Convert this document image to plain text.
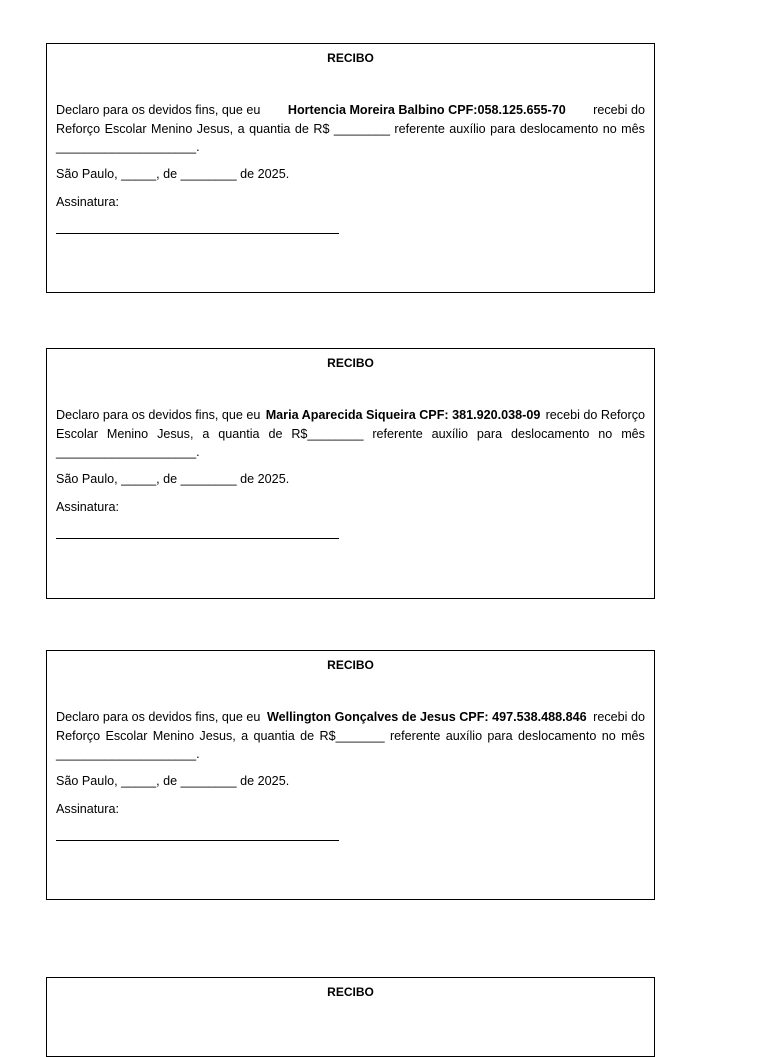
RECIBO
Declaro para os devidos fins, que eu Hortencia Moreira Balbino CPF:058.125.655-70 recebi do
Reforço Escolar Menino Jesus, a quantia de R$ ________ referente auxílio para deslocamento no mês
____________________.
São Paulo, _____, de ________ de 2025.
Assinatura:
RECIBO
Declaro para os devidos fins, que eu Maria Aparecida Siqueira CPF: 381.920.038-09 recebi do Reforço
Escolar Menino Jesus, a quantia de R$________ referente auxílio para deslocamento no mês
____________________.
São Paulo, _____, de ________ de 2025.
Assinatura:
RECIBO
Declaro para os devidos fins, que eu Wellington Gonçalves de Jesus CPF: 497.538.488.846 recebi do
Reforço Escolar Menino Jesus, a quantia de R$_______ referente auxílio para deslocamento no mês
____________________.
São Paulo, _____, de ________ de 2025.
Assinatura:
RECIBO
